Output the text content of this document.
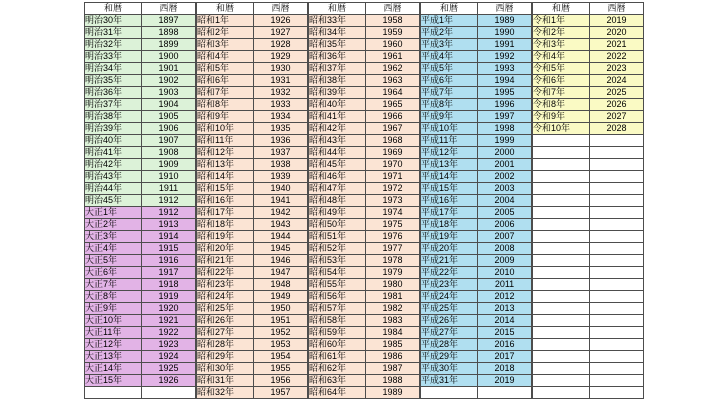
和暦	西暦
明治30年	1897
明治31年	1898
明治32年	1899
明治33年	1900
明治34年	1901
明治35年	1902
明治36年	1903
明治37年	1904
明治38年	1905
明治39年	1906
明治40年	1907
明治41年	1908
明治42年	1909
明治43年	1910
明治44年	1911
明治45年	1912
大正1年	1912
大正2年	1913
大正3年	1914
大正4年	1915
大正5年	1916
大正6年	1917
大正7年	1918
大正8年	1919
大正9年	1920
大正10年	1921
大正11年	1922
大正12年	1923
大正13年	1924
大正14年	1925
大正15年	1926

和暦	西暦
昭和1年	1926
昭和2年	1927
昭和3年	1928
昭和4年	1929
昭和5年	1930
昭和6年	1931
昭和7年	1932
昭和8年	1933
昭和9年	1934
昭和10年	1935
昭和11年	1936
昭和12年	1937
昭和13年	1938
昭和14年	1939
昭和15年	1940
昭和16年	1941
昭和17年	1942
昭和18年	1943
昭和19年	1944
昭和20年	1945
昭和21年	1946
昭和22年	1947
昭和23年	1948
昭和24年	1949
昭和25年	1950
昭和26年	1951
昭和27年	1952
昭和28年	1953
昭和29年	1954
昭和30年	1955
昭和31年	1956
昭和32年	1957
和暦	西暦
昭和33年	1958
昭和34年	1959
昭和35年	1960
昭和36年	1961
昭和37年	1962
昭和38年	1963
昭和39年	1964
昭和40年	1965
昭和41年	1966
昭和42年	1967
昭和43年	1968
昭和44年	1969
昭和45年	1970
昭和46年	1971
昭和47年	1972
昭和48年	1973
昭和49年	1974
昭和50年	1975
昭和51年	1976
昭和52年	1977
昭和53年	1978
昭和54年	1979
昭和55年	1980
昭和56年	1981
昭和57年	1982
昭和58年	1983
昭和59年	1984
昭和60年	1985
昭和61年	1986
昭和62年	1987
昭和63年	1988
昭和64年	1989
和暦	西暦
平成1年	1989
平成2年	1990
平成3年	1991
平成4年	1992
平成5年	1993
平成6年	1994
平成7年	1995
平成8年	1996
平成9年	1997
平成10年	1998
平成11年	1999
平成12年	2000
平成13年	2001
平成14年	2002
平成15年	2003
平成16年	2004
平成17年	2005
平成18年	2006
平成19年	2007
平成20年	2008
平成21年	2009
平成22年	2010
平成23年	2011
平成24年	2012
平成25年	2013
平成26年	2014
平成27年	2015
平成28年	2016
平成29年	2017
平成30年	2018
平成31年	2019

和暦	西暦
令和1年	2019
令和2年	2020
令和3年	2021
令和4年	2022
令和5年	2023
令和6年	2024
令和7年	2025
令和8年	2026
令和9年	2027
令和10年	2028
